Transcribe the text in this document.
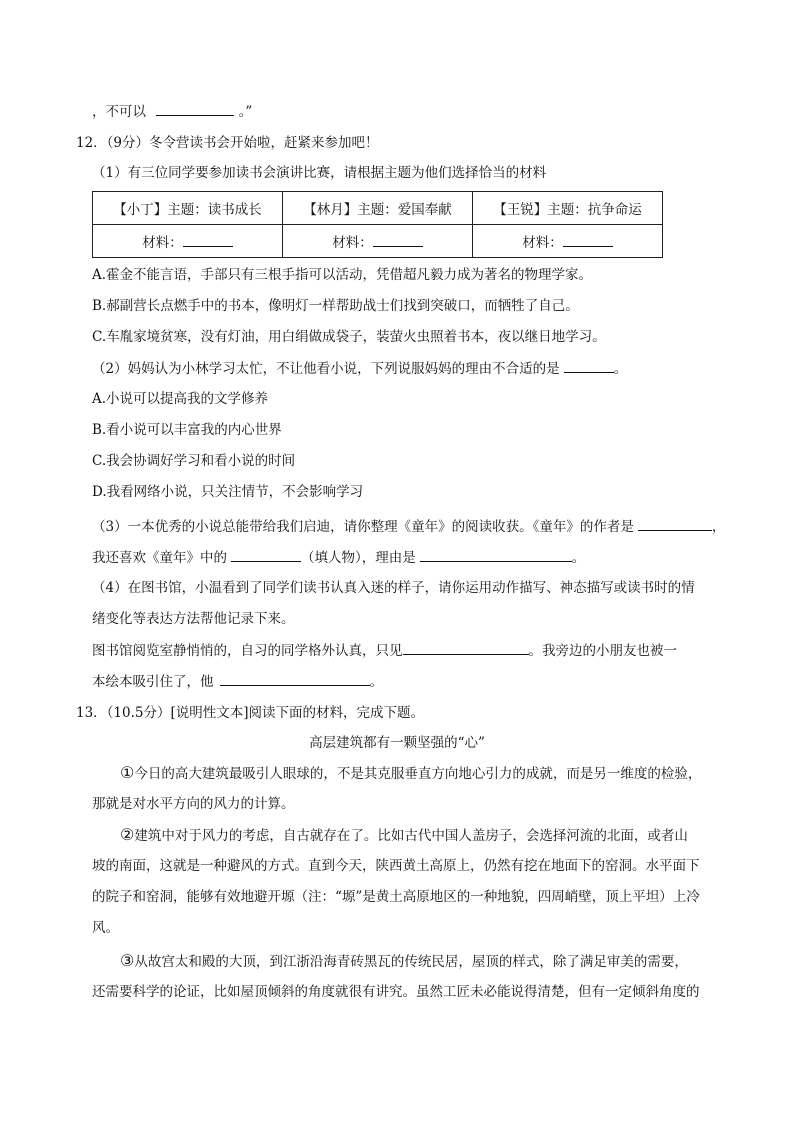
，不可以	。”
12．（9分）冬令营读书会开始啦，赶紧来参加吧！
（1）有三位同学要参加读书会演讲比赛，请根据主题为他们选择恰当的材料
【小丁】主题：读书成长	【林月】主题：爱国奉献	【王锐】主题：抗争命运
材料：	材料：	材料：
A.霍金不能言语，手部只有三根手指可以活动，凭借超凡毅力成为著名的物理学家。
B.郝副营长点燃手中的书本，像明灯一样帮助战士们找到突破口，而牺牲了自己。
C.车胤家境贫寒，没有灯油，用白绢做成袋子，装萤火虫照着书本，夜以继日地学习。
（2）妈妈认为小林学习太忙，不让他看小说，下列说服妈妈的理由不合适的是	。
A.小说可以提高我的文学修养
B.看小说可以丰富我的内心世界
C.我会协调好学习和看小说的时间
D.我看网络小说，只关注情节，不会影响学习
（3）一本优秀的小说总能带给我们启迪，请你整理《童年》的阅读收获。《童年》的作者是	，
我还喜欢《童年》中的	（填人物），理由是	。
（4）在图书馆，小温看到了同学们读书认真入迷的样子，请你运用动作描写、神态描写或读书时的情
绪变化等表达方法帮他记录下来。
图书馆阅览室静悄悄的，自习的同学格外认真，只见	。我旁边的小朋友也被一
本绘本吸引住了，他	。
13．（10.5分）[说明性文本]阅读下面的材料，完成下题。
高层建筑都有一颗坚强的“心”
①今日的高大建筑最吸引人眼球的，不是其克服垂直方向地心引力的成就，而是另一维度的检验，
那就是对水平方向的风力的计算。
②建筑中对于风力的考虑，自古就存在了。比如古代中国人盖房子，会选择河流的北面，或者山
坡的南面，这就是一种避风的方式。直到今天，陕西黄土高原上，仍然有挖在地面下的窑洞。水平面下
的院子和窑洞，能够有效地避开塬（注：“塬”是黄土高原地区的一种地貌，四周峭壁，顶上平坦）上冷
风。
③从故宫太和殿的大顶，到江浙沿海青砖黑瓦的传统民居，屋顶的样式，除了满足审美的需要，
还需要科学的论证，比如屋顶倾斜的角度就很有讲究。虽然工匠未必能说得清楚，但有一定倾斜角度的
